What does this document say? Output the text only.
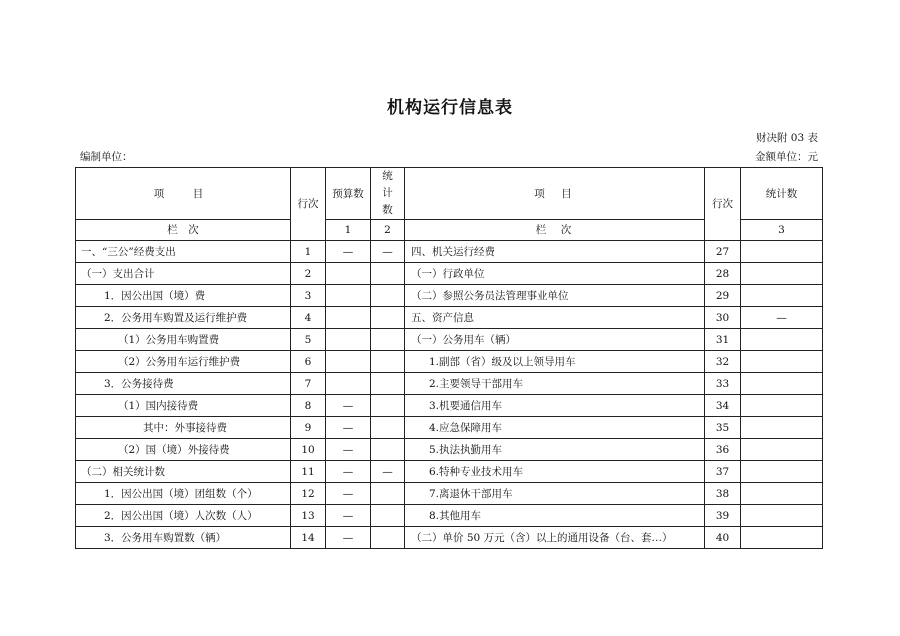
机构运行信息表
财决附 03 表
编制单位：	金额单位：元
项　目	行次	预算数	统计数	项　目	行次	统计数
栏　次		1	2	栏　次		3
一、“三公”经费支出	1	—	—	四、机关运行经费	27	
（一）支出合计	2			（一）行政单位	28	
1．因公出国（境）费	3			（二）参照公务员法管理事业单位	29	
2．公务用车购置及运行维护费	4			五、资产信息	30	—
（1）公务用车购置费	5			（一）公务用车（辆）	31	
（2）公务用车运行维护费	6			1.副部（省）级及以上领导用车	32	
3．公务接待费	7			2.主要领导干部用车	33	
（1）国内接待费	8	—		3.机要通信用车	34	
其中：外事接待费	9	—		4.应急保障用车	35	
（2）国（境）外接待费	10	—		5.执法执勤用车	36	
（二）相关统计数	11	—	—	6.特种专业技术用车	37	
1．因公出国（境）团组数（个）	12	—		7.离退休干部用车	38	
2．因公出国（境）人次数（人）	13	—		8.其他用车	39	
3．公务用车购置数（辆）	14	—		（二）单价 50 万元（含）以上的通用设备（台、套…）	40	
